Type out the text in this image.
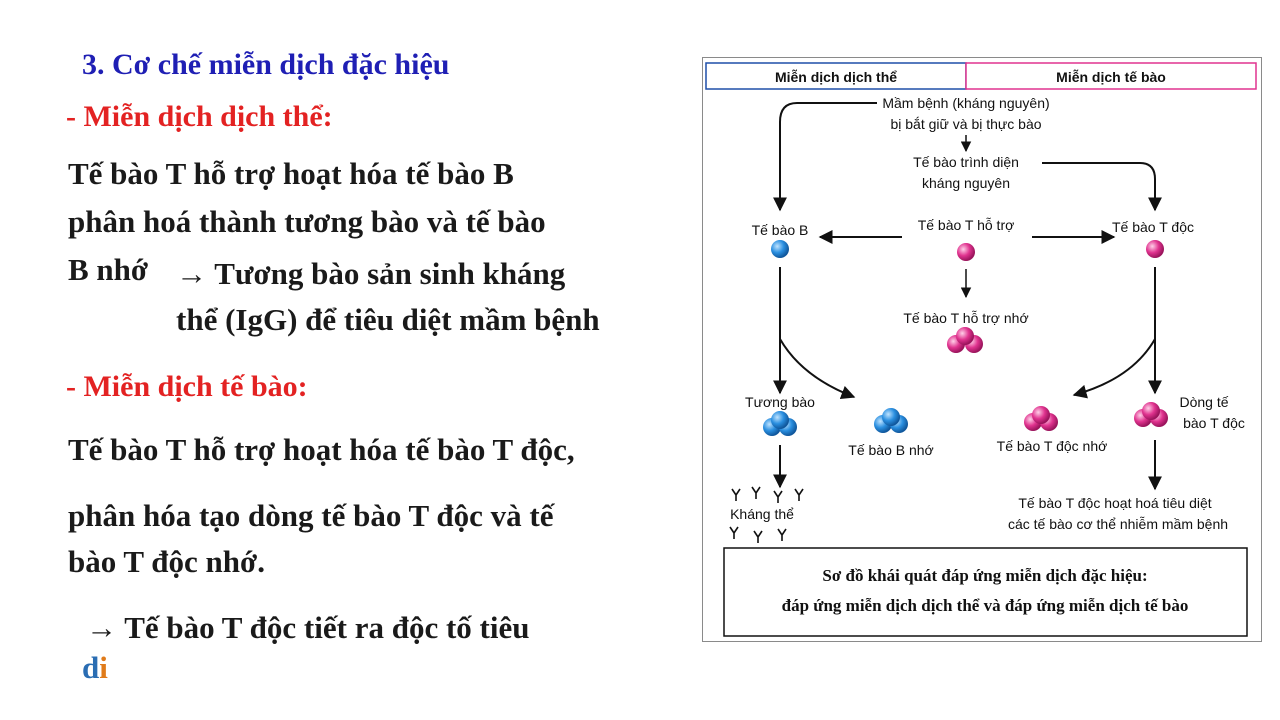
3. Cơ chế miễn dịch đặc hiệu
- Miễn dịch dịch thể:
Tế bào T hỗ trợ hoạt hóa tế bào B
phân hoá thành tương bào và tế bào
B nhớ → Tương bào sản sinh kháng
thể (IgG) để tiêu diệt mầm bệnh
- Miễn dịch tế bào:
Tế bào T hỗ trợ hoạt hóa tế bào T độc,
phân hóa tạo dòng tế bào T độc và tế
bào T độc nhớ.
→ Tế bào T độc tiết ra độc tố tiêu
di
Miễn dịch dịch thể	Miễn dịch tế bào
Mầm bệnh (kháng nguyên)
bị bắt giữ và bị thực bào
Tế bào trình diện
kháng nguyên
Tế bào B	Tế bào T hỗ trợ	Tế bào T độc
Tế bào T hỗ trợ nhớ
Tương bào
Tế bào B nhớ	Tế bào T độc nhớ
Dòng tế
bào T độc
Kháng thể
Tế bào T độc hoạt hoá tiêu diệt
các tế bào cơ thể nhiễm mầm bệnh
Sơ đồ khái quát đáp ứng miễn dịch đặc hiệu:
đáp ứng miễn dịch dịch thể và đáp ứng miễn dịch tế bào
